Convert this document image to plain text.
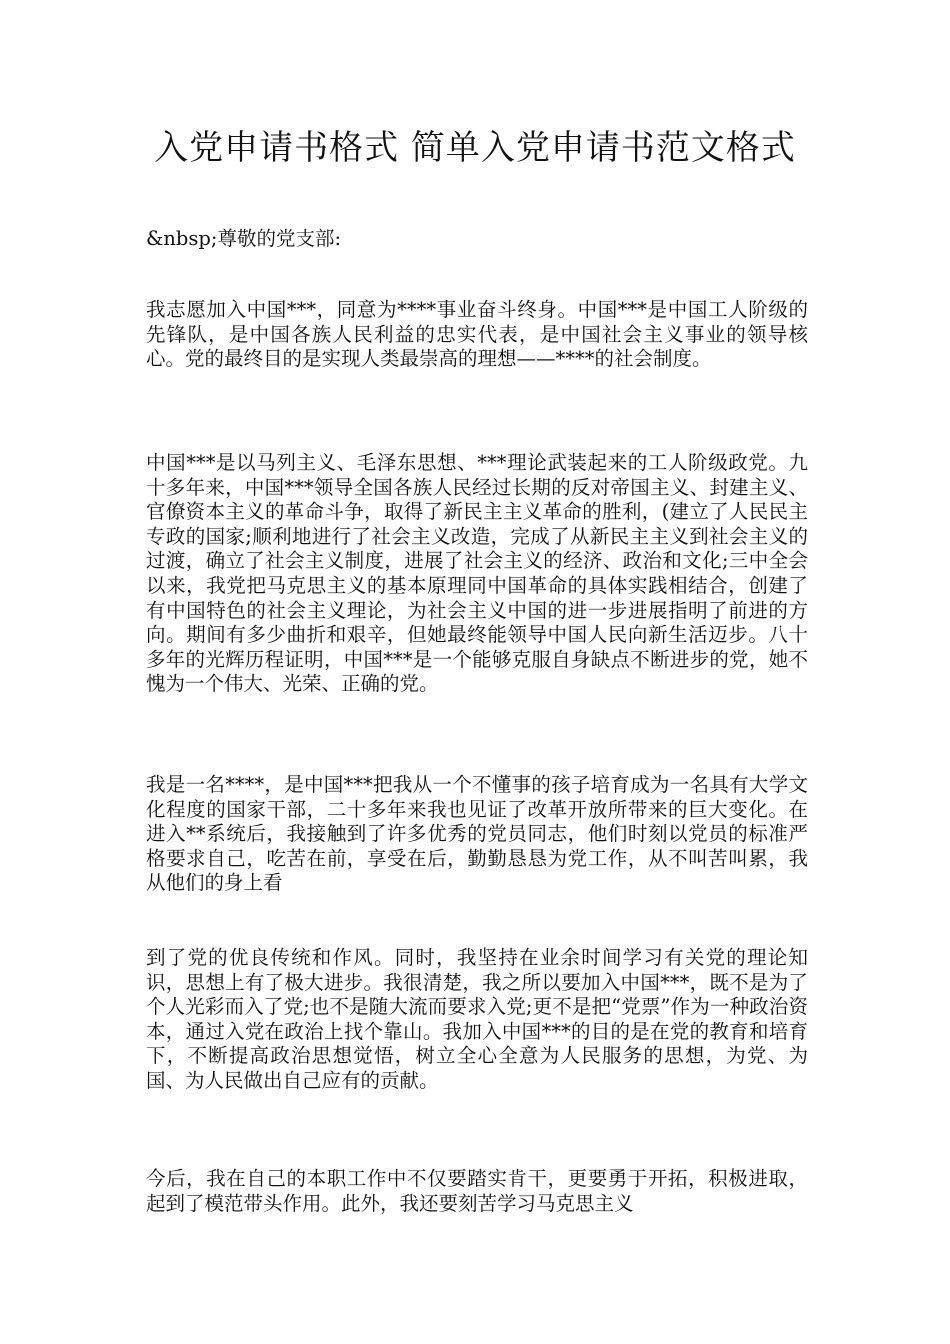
入党申请书格式 简单入党申请书范文格式

&nbsp;尊敬的党支部:

我志愿加入中国***，同意为****事业奋斗终身。中国***是中国工人阶级的先锋队，是中国各族人民利益的忠实代表，是中国社会主义事业的领导核心。党的最终目的是实现人类最崇高的理想——****的社会制度。

中国***是以马列主义、毛泽东思想、***理论武装起来的工人阶级政党。九十多年来，中国***领导全国各族人民经过长期的反对帝国主义、封建主义、官僚资本主义的革命斗争，取得了新民主主义革命的胜利，(建立了人民民主专政的国家;顺利地进行了社会主义改造，完成了从新民主主义到社会主义的过渡，确立了社会主义制度，进展了社会主义的经济、政治和文化;三中全会以来，我党把马克思主义的基本原理同中国革命的具体实践相结合，创建了有中国特色的社会主义理论，为社会主义中国的进一步进展指明了前进的方向。期间有多少曲折和艰辛，但她最终能领导中国人民向新生活迈步。八十多年的光辉历程证明，中国***是一个能够克服自身缺点不断进步的党，她不愧为一个伟大、光荣、正确的党。

我是一名****，是中国***把我从一个不懂事的孩子培育成为一名具有大学文化程度的国家干部，二十多年来我也见证了改革开放所带来的巨大变化。在进入**系统后，我接触到了许多优秀的党员同志，他们时刻以党员的标准严格要求自己，吃苦在前，享受在后，勤勤恳恳为党工作，从不叫苦叫累，我从他们的身上看

到了党的优良传统和作风。同时，我坚持在业余时间学习有关党的理论知识，思想上有了极大进步。我很清楚，我之所以要加入中国***，既不是为了个人光彩而入了党;也不是随大流而要求入党;更不是把“党票”作为一种政治资本，通过入党在政治上找个靠山。我加入中国***的目的是在党的教育和培育下，不断提高政治思想觉悟，树立全心全意为人民服务的思想，为党、为国、为人民做出自己应有的贡献。

今后，我在自己的本职工作中不仅要踏实肯干，更要勇于开拓，积极进取，起到了模范带头作用。此外，我还要刻苦学习马克思主义
